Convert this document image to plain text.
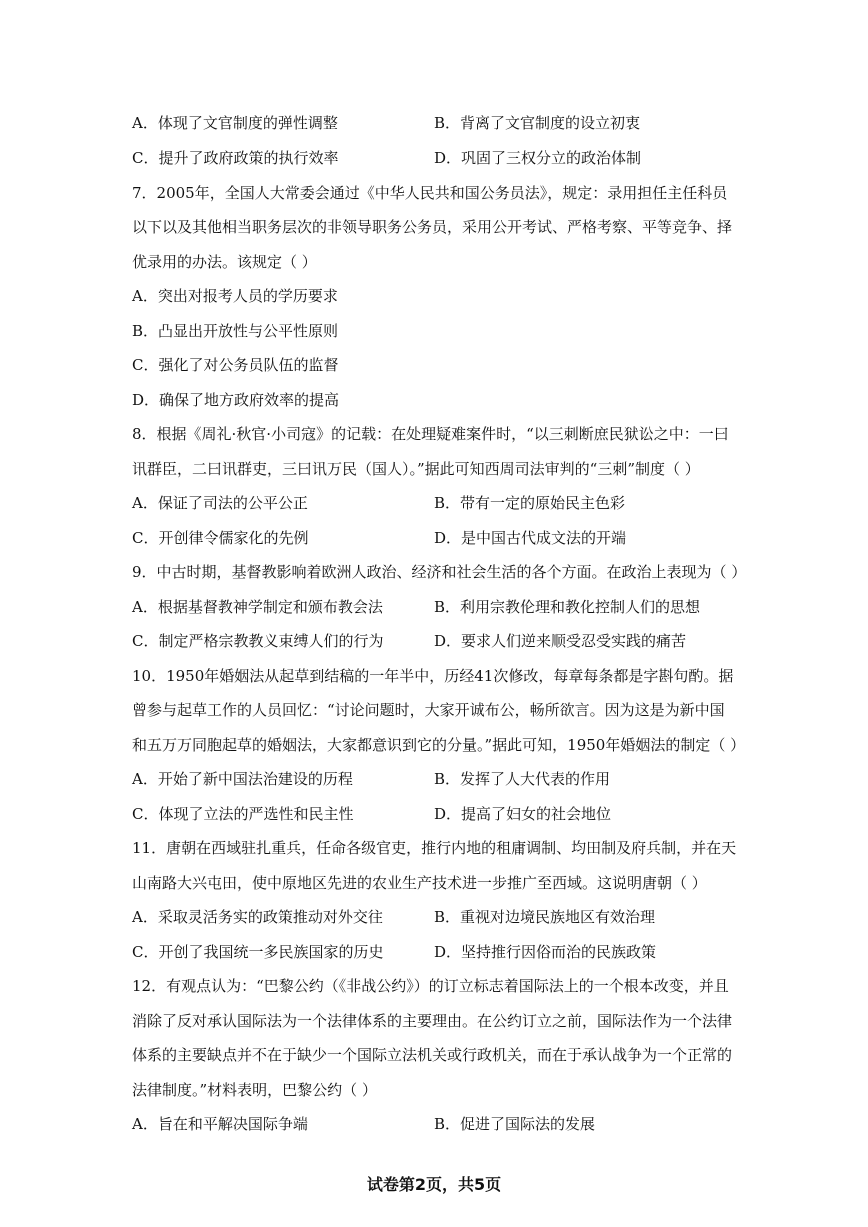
A．体现了文官制度的弹性调整	B．背离了文官制度的设立初衷
C．提升了政府政策的执行效率	D．巩固了三权分立的政治体制
7．2005年，全国人大常委会通过《中华人民共和国公务员法》，规定：录用担任主任科员
以下以及其他相当职务层次的非领导职务公务员，采用公开考试、严格考察、平等竞争、择
优录用的办法。该规定（ ）
A．突出对报考人员的学历要求
B．凸显出开放性与公平性原则
C．强化了对公务员队伍的监督
D．确保了地方政府效率的提高
8．根据《周礼·秋官·小司寇》的记载：在处理疑难案件时，“以三刺断庶民狱讼之中：一曰
讯群臣，二曰讯群吏，三曰讯万民（国人）。”据此可知西周司法审判的“三刺”制度（ ）
A．保证了司法的公平公正	B．带有一定的原始民主色彩
C．开创律令儒家化的先例	D．是中国古代成文法的开端
9．中古时期，基督教影响着欧洲人政治、经济和社会生活的各个方面。在政治上表现为（ ）
A．根据基督教神学制定和颁布教会法	B．利用宗教伦理和教化控制人们的思想
C．制定严格宗教教义束缚人们的行为	D．要求人们逆来顺受忍受实践的痛苦
10．1950年婚姻法从起草到结稿的一年半中，历经41次修改，每章每条都是字斟句酌。据
曾参与起草工作的人员回忆：“讨论问题时，大家开诚布公，畅所欲言。因为这是为新中国
和五万万同胞起草的婚姻法，大家都意识到它的分量。”据此可知，1950年婚姻法的制定（ ）
A．开始了新中国法治建设的历程	B．发挥了人大代表的作用
C．体现了立法的严选性和民主性	D．提高了妇女的社会地位
11．唐朝在西域驻扎重兵，任命各级官吏，推行内地的租庸调制、均田制及府兵制，并在天
山南路大兴屯田，使中原地区先进的农业生产技术进一步推广至西域。这说明唐朝（ ）
A．采取灵活务实的政策推动对外交往	B．重视对边境民族地区有效治理
C．开创了我国统一多民族国家的历史	D．坚持推行因俗而治的民族政策
12．有观点认为：“巴黎公约（《非战公约》）的订立标志着国际法上的一个根本改变，并且
消除了反对承认国际法为一个法律体系的主要理由。在公约订立之前，国际法作为一个法律
体系的主要缺点并不在于缺少一个国际立法机关或行政机关，而在于承认战争为一个正常的
法律制度。”材料表明，巴黎公约（ ）
A．旨在和平解决国际争端	B．促进了国际法的发展
试卷第2页，共5页
